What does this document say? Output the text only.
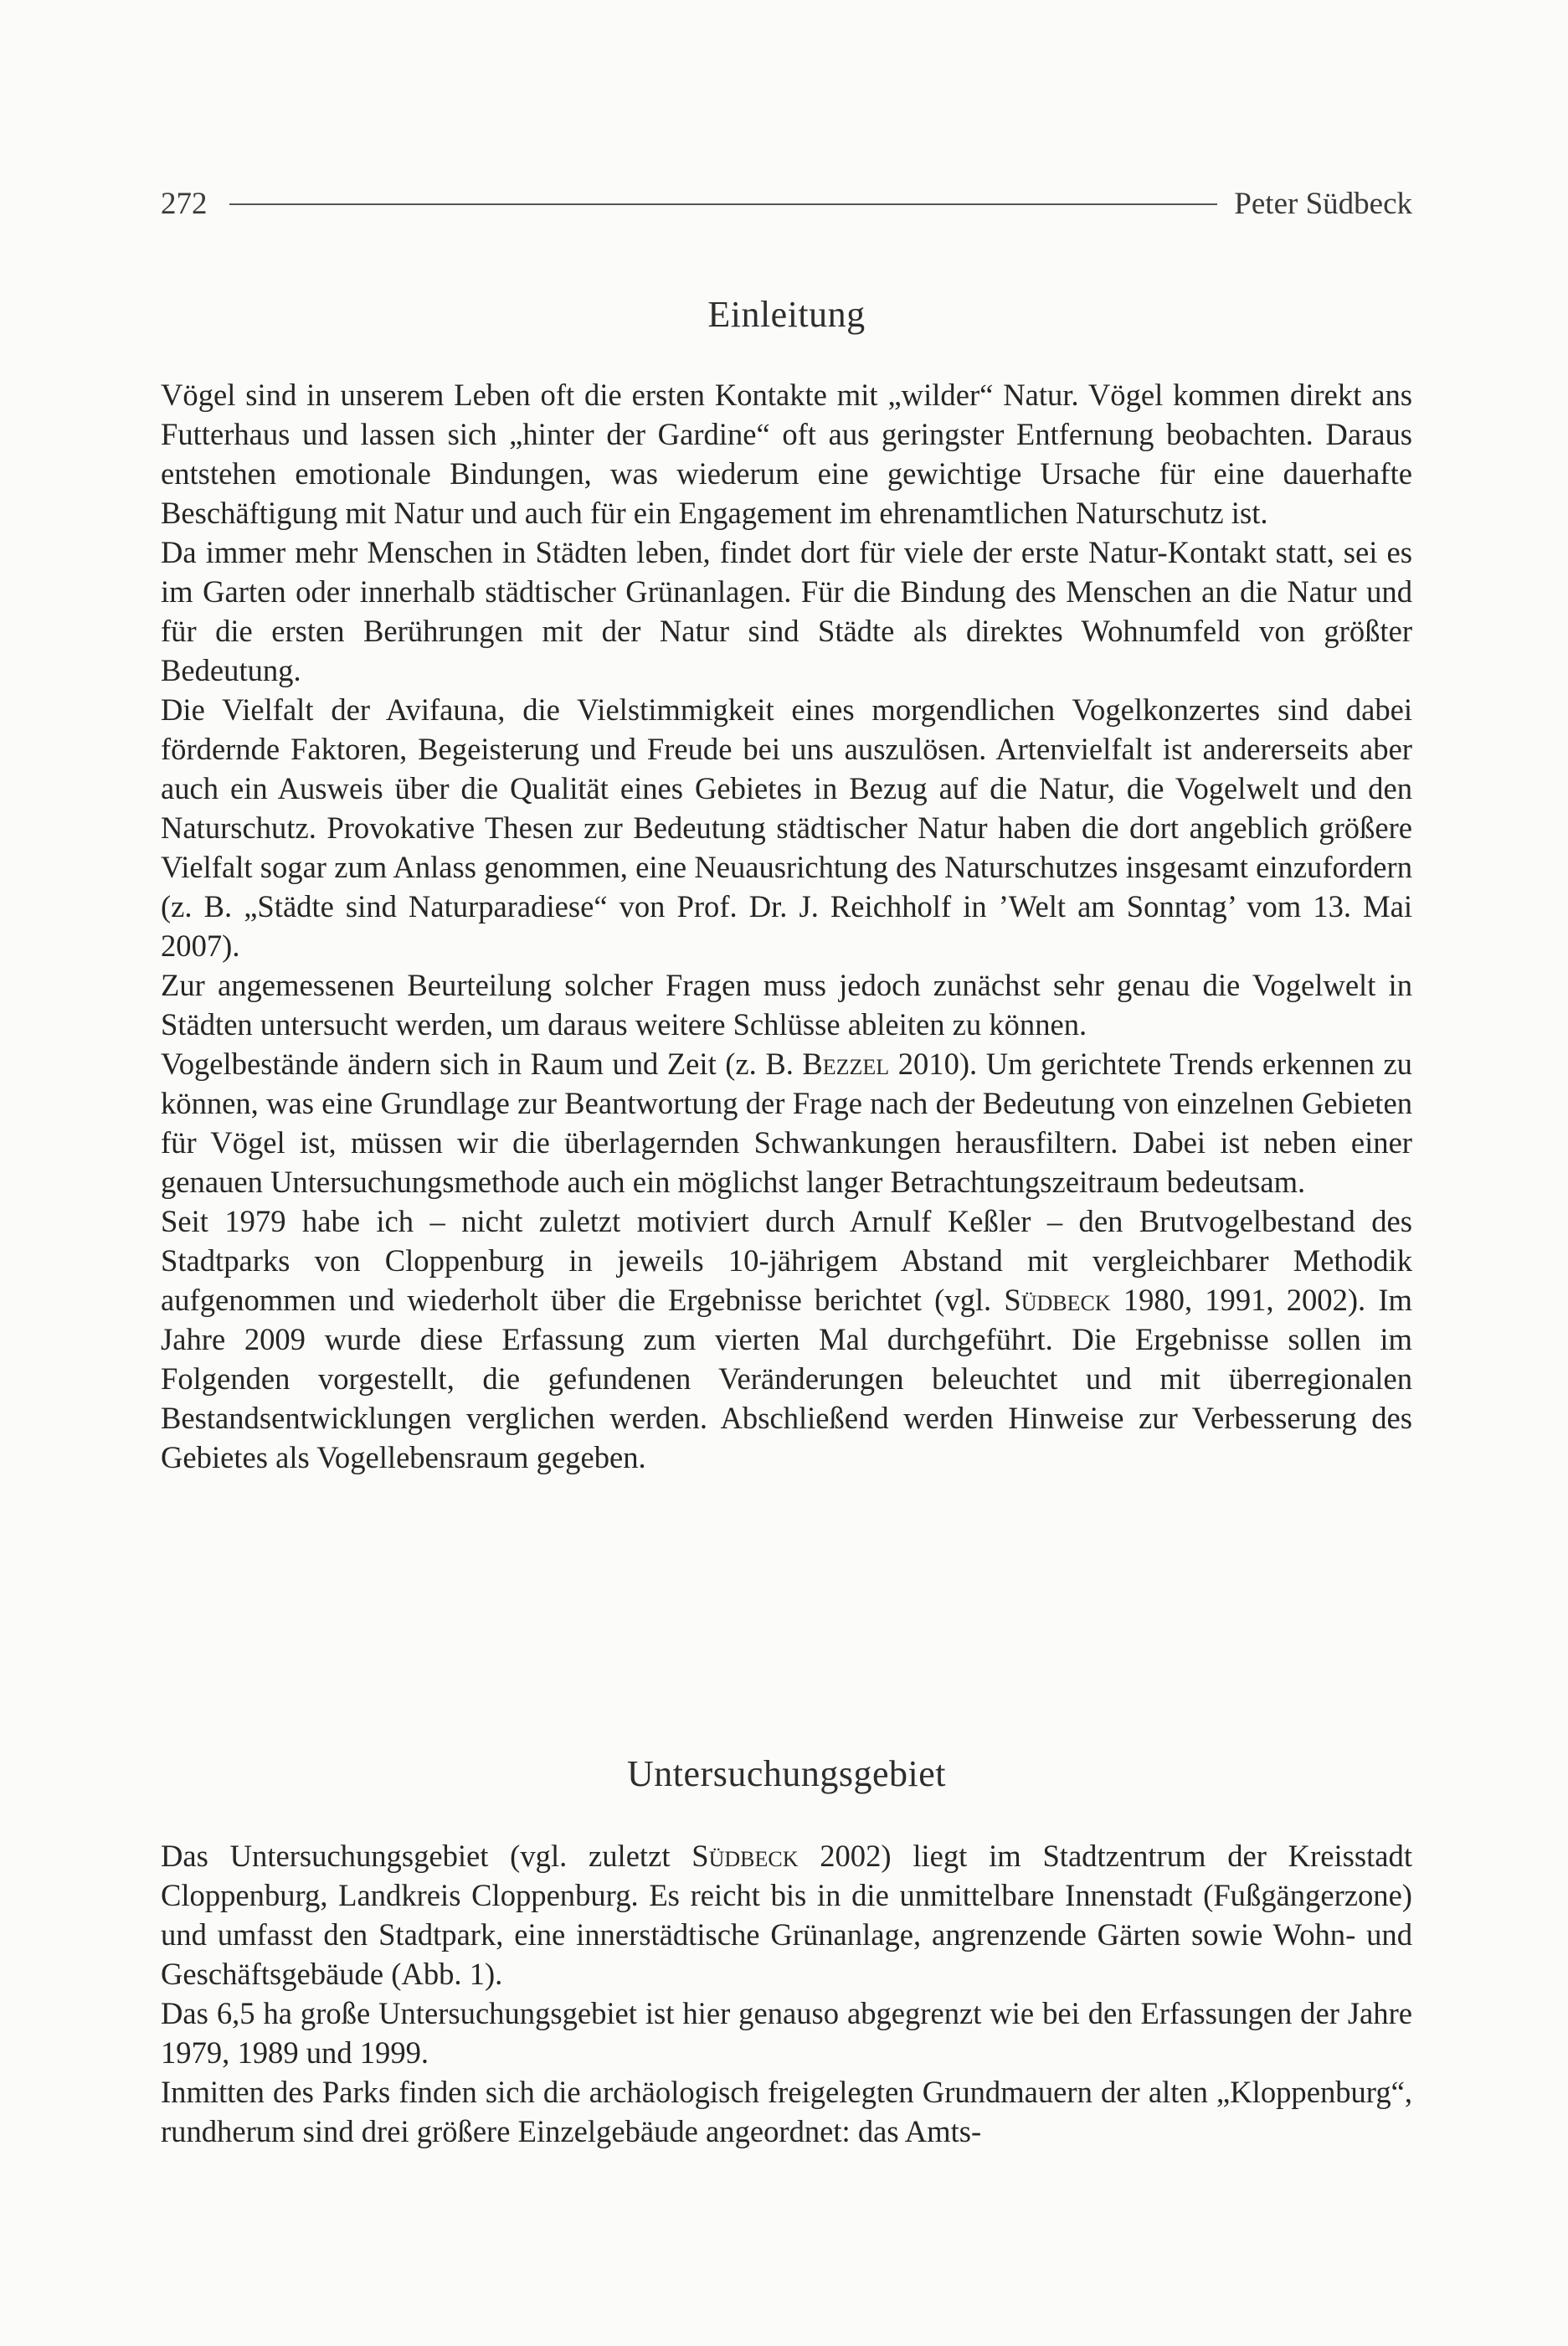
272	Peter Südbeck
Einleitung

Vögel sind in unserem Leben oft die ersten Kontakte mit „wilder“ Natur. Vögel kommen direkt ans Futterhaus und lassen sich „hinter der Gardine“ oft aus geringster Entfernung beobachten. Daraus entstehen emotionale Bindungen, was wiederum eine gewichtige Ursache für eine dauerhafte Beschäftigung mit Natur und auch für ein Engagement im ehrenamtlichen Naturschutz ist.

Da immer mehr Menschen in Städten leben, findet dort für viele der erste Natur-Kontakt statt, sei es im Garten oder innerhalb städtischer Grünanlagen. Für die Bindung des Menschen an die Natur und für die ersten Berührungen mit der Natur sind Städte als direktes Wohnumfeld von größter Bedeutung.

Die Vielfalt der Avifauna, die Vielstimmigkeit eines morgendlichen Vogelkonzertes sind dabei fördernde Faktoren, Begeisterung und Freude bei uns auszulösen. Artenvielfalt ist andererseits aber auch ein Ausweis über die Qualität eines Gebietes in Bezug auf die Natur, die Vogelwelt und den Naturschutz. Provokative Thesen zur Bedeutung städtischer Natur haben die dort angeblich größere Vielfalt sogar zum Anlass genommen, eine Neuausrichtung des Naturschutzes insgesamt einzufordern (z. B. „Städte sind Naturparadiese“ von Prof. Dr. J. Reichholf in ’Welt am Sonntag’ vom 13. Mai 2007).

Zur angemessenen Beurteilung solcher Fragen muss jedoch zunächst sehr genau die Vogelwelt in Städten untersucht werden, um daraus weitere Schlüsse ableiten zu können.

Vogelbestände ändern sich in Raum und Zeit (z. B. Bezzel 2010). Um gerichtete Trends erkennen zu können, was eine Grundlage zur Beantwortung der Frage nach der Bedeutung von einzelnen Gebieten für Vögel ist, müssen wir die überlagernden Schwankungen herausfiltern. Dabei ist neben einer genauen Untersuchungsmethode auch ein möglichst langer Betrachtungszeitraum bedeutsam.

Seit 1979 habe ich – nicht zuletzt motiviert durch Arnulf Keßler – den Brutvogelbestand des Stadtparks von Cloppenburg in jeweils 10-jährigem Abstand mit vergleichbarer Methodik aufgenommen und wiederholt über die Ergebnisse berichtet (vgl. Südbeck 1980, 1991, 2002). Im Jahre 2009 wurde diese Erfassung zum vierten Mal durchgeführt. Die Ergebnisse sollen im Folgenden vorgestellt, die gefundenen Veränderungen beleuchtet und mit überregionalen Bestandsentwicklungen verglichen werden. Abschließend werden Hinweise zur Verbesserung des Gebietes als Vogellebensraum gegeben.

Untersuchungsgebiet

Das Untersuchungsgebiet (vgl. zuletzt Südbeck 2002) liegt im Stadtzentrum der Kreisstadt Cloppenburg, Landkreis Cloppenburg. Es reicht bis in die unmittelbare Innenstadt (Fußgängerzone) und umfasst den Stadtpark, eine innerstädtische Grünanlage, angrenzende Gärten sowie Wohn- und Geschäftsgebäude (Abb. 1).

Das 6,5 ha große Untersuchungsgebiet ist hier genauso abgegrenzt wie bei den Erfassungen der Jahre 1979, 1989 und 1999.

Inmitten des Parks finden sich die archäologisch freigelegten Grundmauern der alten „Kloppenburg“, rundherum sind drei größere Einzelgebäude angeordnet: das Amts-
